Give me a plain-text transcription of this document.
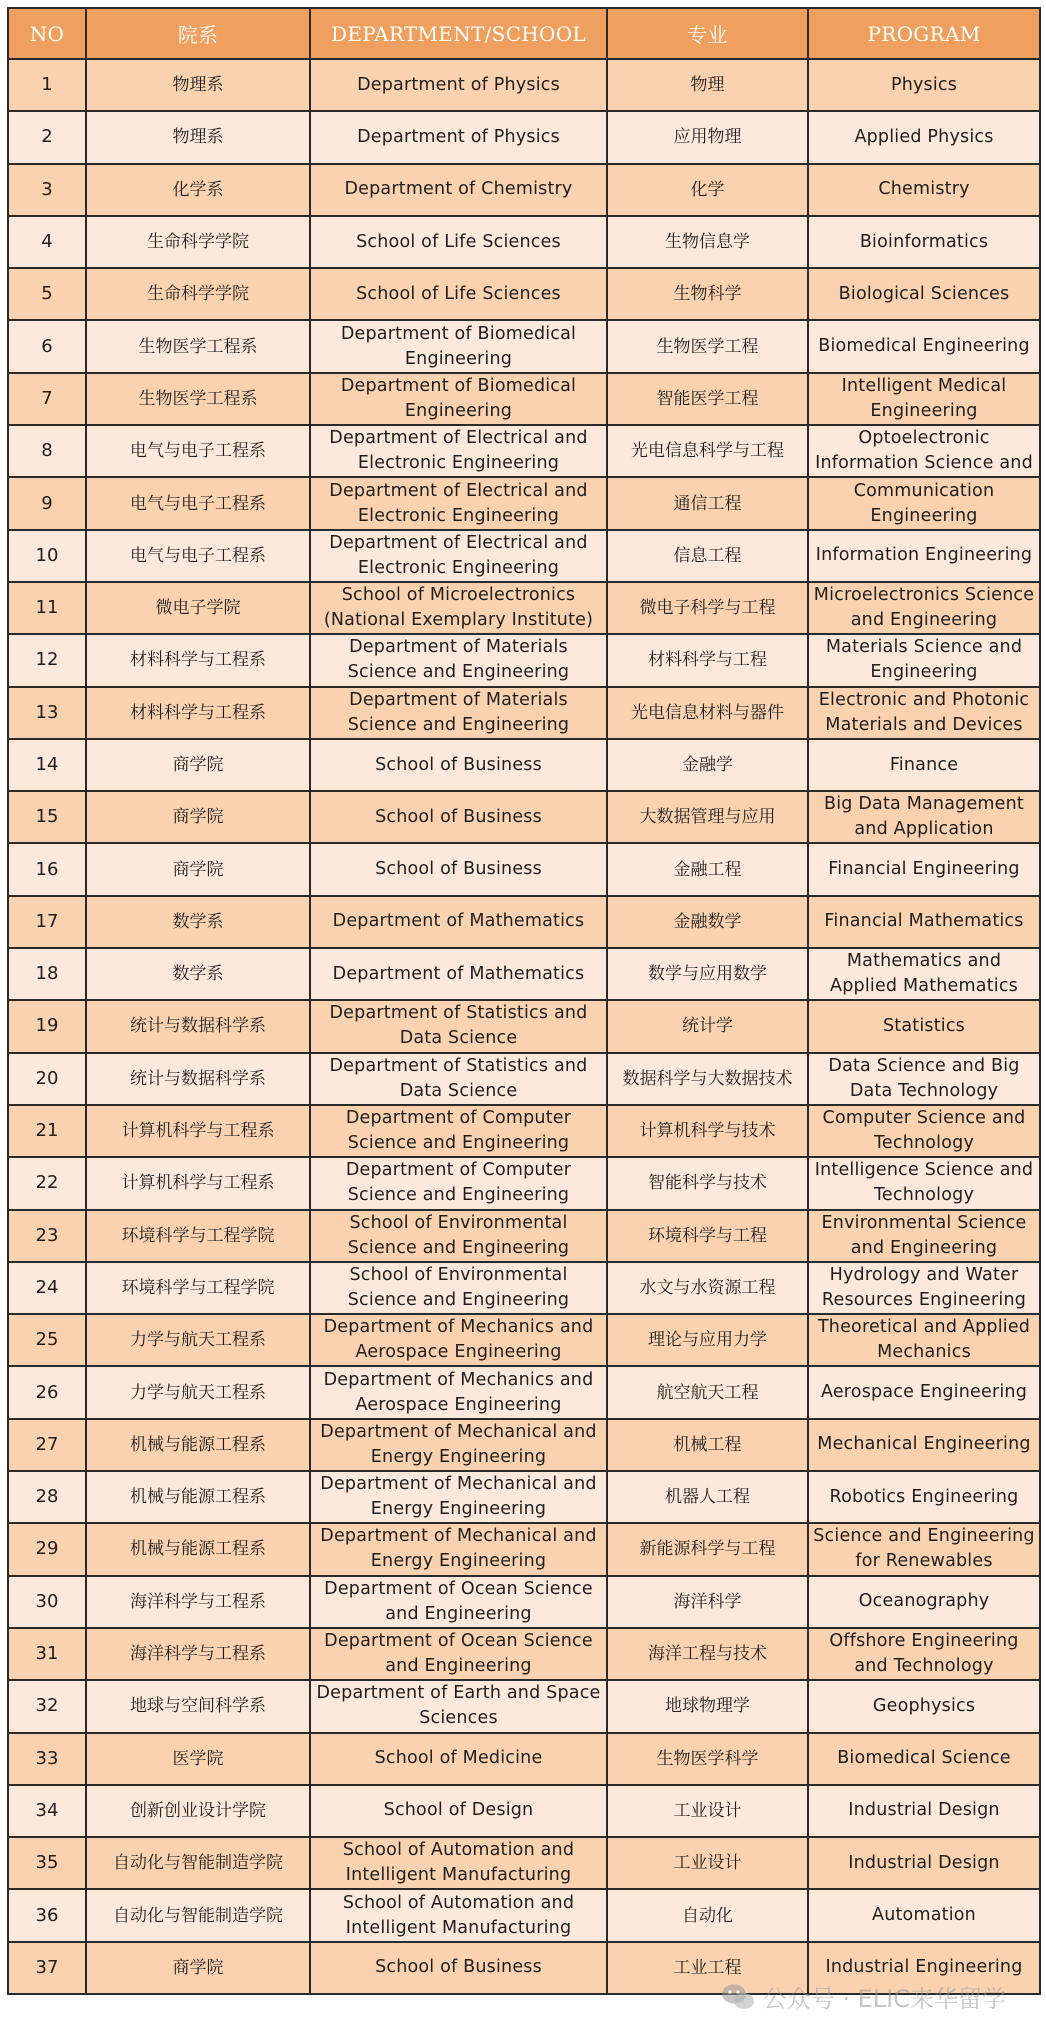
NO	院系	DEPARTMENT/SCHOOL	专业	PROGRAM
1	物理系	Department of Physics	物理	Physics
2	物理系	Department of Physics	应用物理	Applied Physics
3	化学系	Department of Chemistry	化学	Chemistry
4	生命科学学院	School of Life Sciences	生物信息学	Bioinformatics
5	生命科学学院	School of Life Sciences	生物科学	Biological Sciences
6	生物医学工程系	Department of Biomedical Engineering	生物医学工程	Biomedical Engineering
7	生物医学工程系	Department of Biomedical Engineering	智能医学工程	Intelligent Medical Engineering
8	电气与电子工程系	Department of Electrical and Electronic Engineering	光电信息科学与工程	Optoelectronic Information Science and
9	电气与电子工程系	Department of Electrical and Electronic Engineering	通信工程	Communication Engineering
10	电气与电子工程系	Department of Electrical and Electronic Engineering	信息工程	Information Engineering
11	微电子学院	School of Microelectronics (National Exemplary Institute)	微电子科学与工程	Microelectronics Science and Engineering
12	材料科学与工程系	Department of Materials Science and Engineering	材料科学与工程	Materials Science and Engineering
13	材料科学与工程系	Department of Materials Science and Engineering	光电信息材料与器件	Electronic and Photonic Materials and Devices
14	商学院	School of Business	金融学	Finance
15	商学院	School of Business	大数据管理与应用	Big Data Management and Application
16	商学院	School of Business	金融工程	Financial Engineering
17	数学系	Department of Mathematics	金融数学	Financial Mathematics
18	数学系	Department of Mathematics	数学与应用数学	Mathematics and Applied Mathematics
19	统计与数据科学系	Department of Statistics and Data Science	统计学	Statistics
20	统计与数据科学系	Department of Statistics and Data Science	数据科学与大数据技术	Data Science and Big Data Technology
21	计算机科学与工程系	Department of Computer Science and Engineering	计算机科学与技术	Computer Science and Technology
22	计算机科学与工程系	Department of Computer Science and Engineering	智能科学与技术	Intelligence Science and Technology
23	环境科学与工程学院	School of Environmental Science and Engineering	环境科学与工程	Environmental Science and Engineering
24	环境科学与工程学院	School of Environmental Science and Engineering	水文与水资源工程	Hydrology and Water Resources Engineering
25	力学与航天工程系	Department of Mechanics and Aerospace Engineering	理论与应用力学	Theoretical and Applied Mechanics
26	力学与航天工程系	Department of Mechanics and Aerospace Engineering	航空航天工程	Aerospace Engineering
27	机械与能源工程系	Department of Mechanical and Energy Engineering	机械工程	Mechanical Engineering
28	机械与能源工程系	Department of Mechanical and Energy Engineering	机器人工程	Robotics Engineering
29	机械与能源工程系	Department of Mechanical and Energy Engineering	新能源科学与工程	Science and Engineering for Renewables
30	海洋科学与工程系	Department of Ocean Science and Engineering	海洋科学	Oceanography
31	海洋科学与工程系	Department of Ocean Science and Engineering	海洋工程与技术	Offshore Engineering and Technology
32	地球与空间科学系	Department of Earth and Space Sciences	地球物理学	Geophysics
33	医学院	School of Medicine	生物医学科学	Biomedical Science
34	创新创业设计学院	School of Design	工业设计	Industrial Design
35	自动化与智能制造学院	School of Automation and Intelligent Manufacturing	工业设计	Industrial Design
36	自动化与智能制造学院	School of Automation and Intelligent Manufacturing	自动化	Automation
37	商学院	School of Business	工业工程	Industrial Engineering
公众号 · ELIC来华留学
